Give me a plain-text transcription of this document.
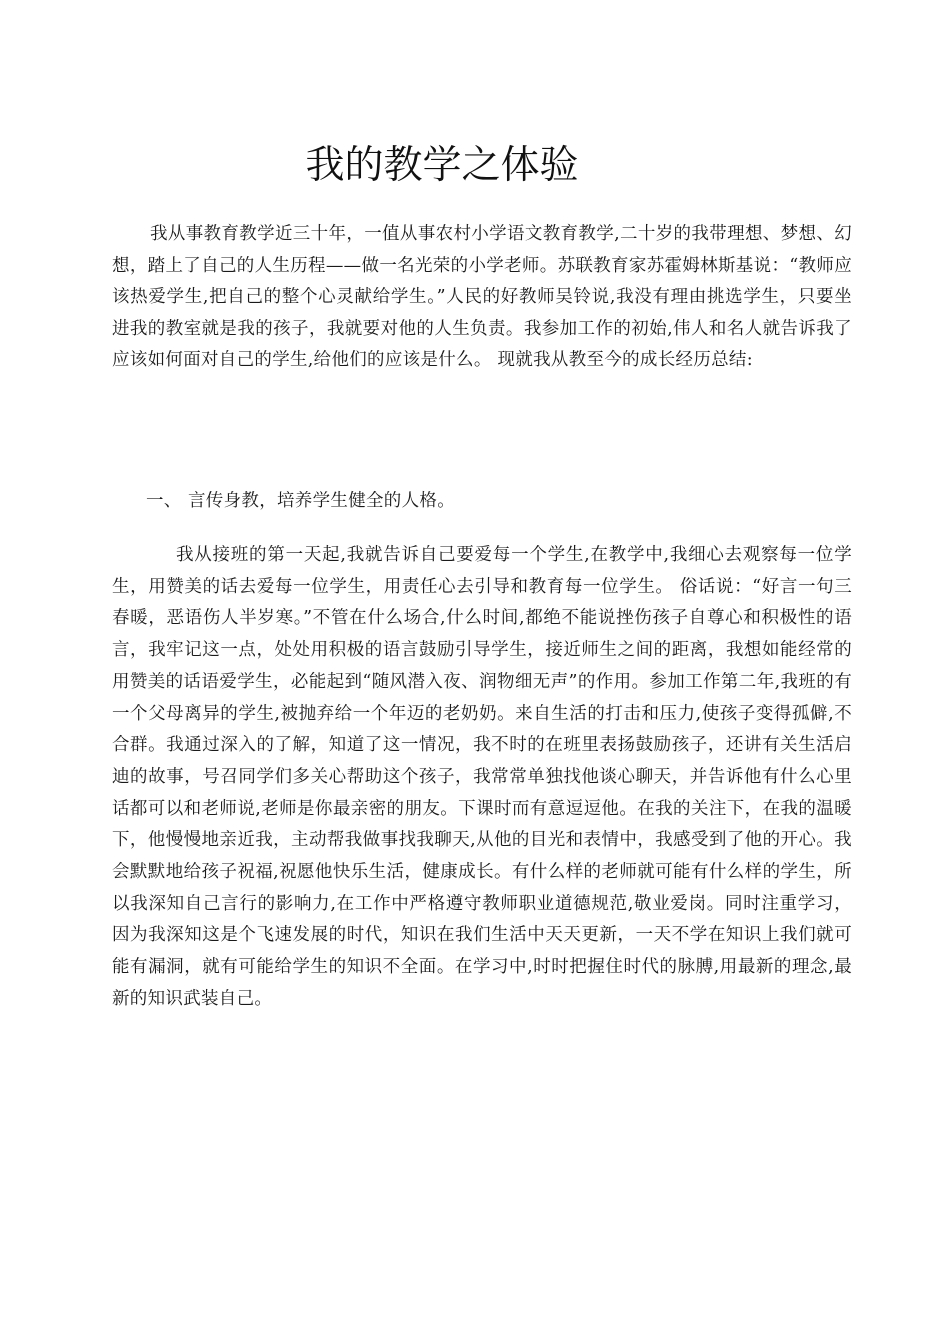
我的教学之体验

我从事教育教学近三十年，一值从事农村小学语文教育教学,二十岁的我带理想、梦想、幻想，踏上了自己的人生历程——做一名光荣的小学老师。苏联教育家苏霍姆林斯基说：“教师应该热爱学生,把自己的整个心灵献给学生。”人民的好教师吴铃说,我没有理由挑选学生，只要坐进我的教室就是我的孩子，我就要对他的人生负责。我参加工作的初始,伟人和名人就告诉我了应该如何面对自己的学生,给他们的应该是什么。 现就我从教至今的成长经历总结:

一、 言传身教，培养学生健全的人格。

我从接班的第一天起,我就告诉自己要爱每一个学生,在教学中,我细心去观察每一位学生，用赞美的话去爱每一位学生，用责任心去引导和教育每一位学生。 俗话说：“好言一句三春暖，恶语伤人半岁寒。”不管在什么场合,什么时间,都绝不能说挫伤孩子自尊心和积极性的语言，我牢记这一点，处处用积极的语言鼓励引导学生，接近师生之间的距离，我想如能经常的用赞美的话语爱学生，必能起到“随风潜入夜、润物细无声”的作用。参加工作第二年,我班的有一个父母离异的学生,被抛弃给一个年迈的老奶奶。来自生活的打击和压力,使孩子变得孤僻,不合群。我通过深入的了解，知道了这一情况，我不时的在班里表扬鼓励孩子，还讲有关生活启迪的故事，号召同学们多关心帮助这个孩子，我常常单独找他谈心聊天，并告诉他有什么心里话都可以和老师说,老师是你最亲密的朋友。下课时而有意逗逗他。在我的关注下，在我的温暖下，他慢慢地亲近我，主动帮我做事找我聊天,从他的目光和表情中，我感受到了他的开心。我会默默地给孩子祝福,祝愿他快乐生活，健康成长。有什么样的老师就可能有什么样的学生，所以我深知自己言行的影响力,在工作中严格遵守教师职业道德规范,敬业爱岗。同时注重学习，因为我深知这是个飞速发展的时代，知识在我们生活中天天更新，一天不学在知识上我们就可能有漏洞，就有可能给学生的知识不全面。在学习中,时时把握住时代的脉膊,用最新的理念,最新的知识武装自己。
